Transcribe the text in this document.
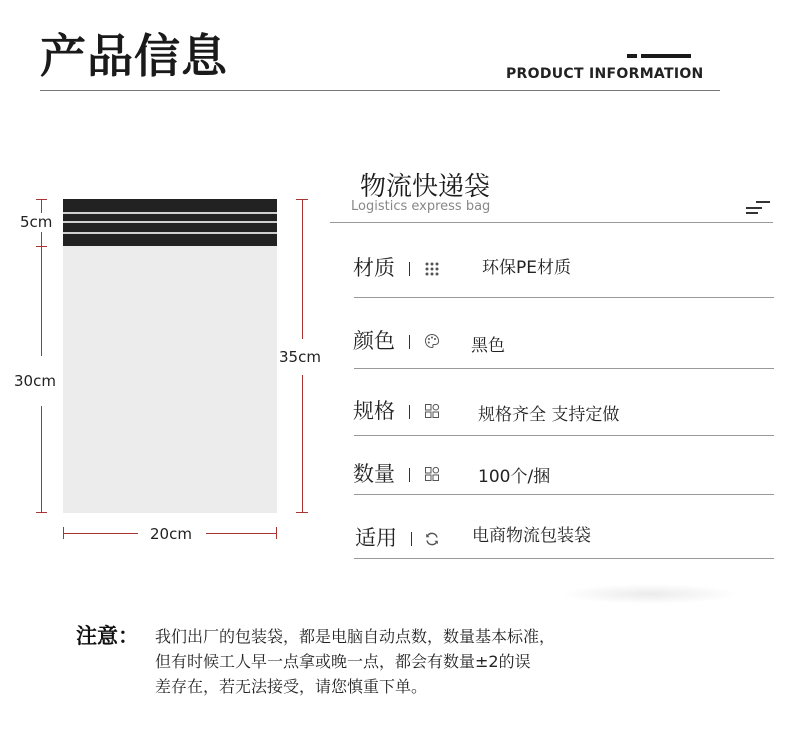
产品信息	PRODUCT INFORMATION
5cm
30cm
35cm
20cm
物流快递袋
Logistics express bag
材质	环保PE材质
颜色	黑色
规格	规格齐全 支持定做
数量	100个/捆
适用	电商物流包装袋
注意： 我们出厂的包装袋，都是电脑自动点数，数量基本标准，
但有时候工人早一点拿或晚一点，都会有数量±2的误
差存在，若无法接受，请您慎重下单。
